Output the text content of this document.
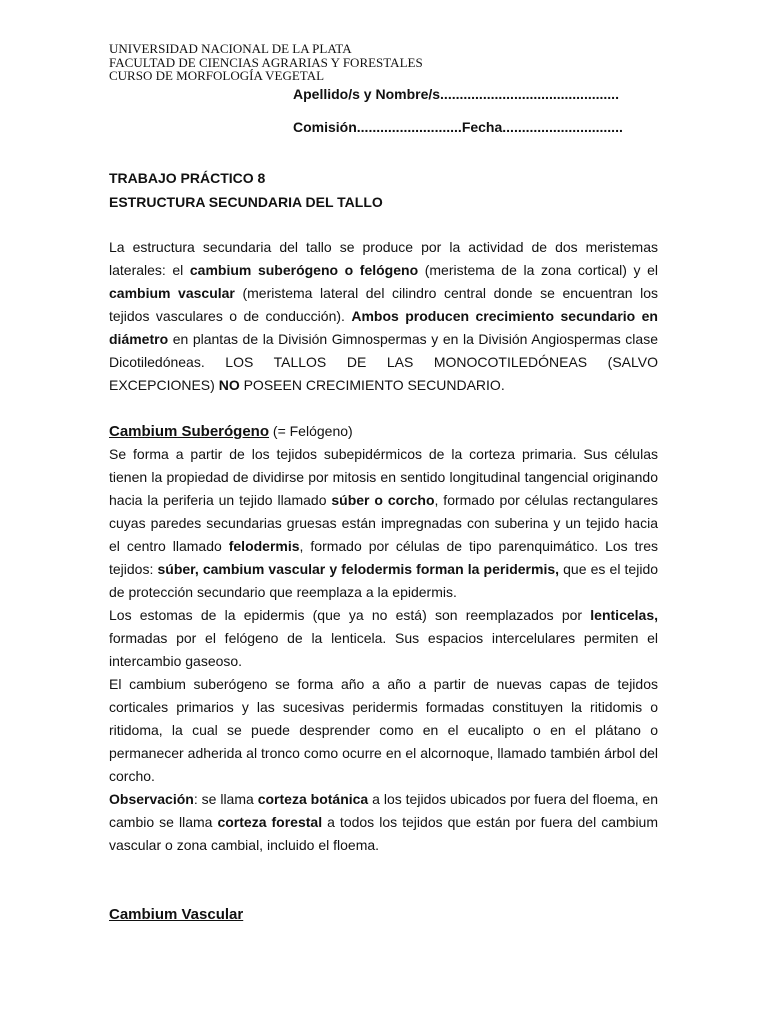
UNIVERSIDAD NACIONAL DE LA PLATA
FACULTAD DE CIENCIAS AGRARIAS Y FORESTALES
CURSO DE MORFOLOGÍA VEGETAL
Apellido/s y Nombre/s..............................................
Comisión...........................Fecha...............................
TRABAJO PRÁCTICO 8
ESTRUCTURA SECUNDARIA DEL TALLO

La estructura secundaria del tallo se produce por la actividad de dos meristemas laterales: el cambium suberógeno o felógeno (meristema de la zona cortical) y el cambium vascular (meristema lateral del cilindro central donde se encuentran los tejidos vasculares o de conducción). Ambos producen crecimiento secundario en diámetro en plantas de la División Gimnospermas y en la División Angiospermas clase Dicotiledóneas. LOS TALLOS DE LAS MONOCOTILEDÓNEAS (SALVO EXCEPCIONES) NO POSEEN CRECIMIENTO SECUNDARIO.

Cambium Suberógeno (= Felógeno)

Se forma a partir de los tejidos subepidérmicos de la corteza primaria. Sus células tienen la propiedad de dividirse por mitosis en sentido longitudinal tangencial originando hacia la periferia un tejido llamado súber o corcho, formado por células rectangulares cuyas paredes secundarias gruesas están impregnadas con suberina y un tejido hacia el centro llamado felodermis, formado por células de tipo parenquimático. Los tres tejidos: súber, cambium vascular y felodermis forman la peridermis, que es el tejido de protección secundario que reemplaza a la epidermis.

Los estomas de la epidermis (que ya no está) son reemplazados por lenticelas, formadas por el felógeno de la lenticela. Sus espacios intercelulares permiten el intercambio gaseoso.

El cambium suberógeno se forma año a año a partir de nuevas capas de tejidos corticales primarios y las sucesivas peridermis formadas constituyen la ritidomis o ritidoma, la cual se puede desprender como en el eucalipto o en el plátano o permanecer adherida al tronco como ocurre en el alcornoque, llamado también árbol del corcho.

Observación: se llama corteza botánica a los tejidos ubicados por fuera del floema, en cambio se llama corteza forestal a todos los tejidos que están por fuera del cambium vascular o zona cambial, incluido el floema.

Cambium Vascular
